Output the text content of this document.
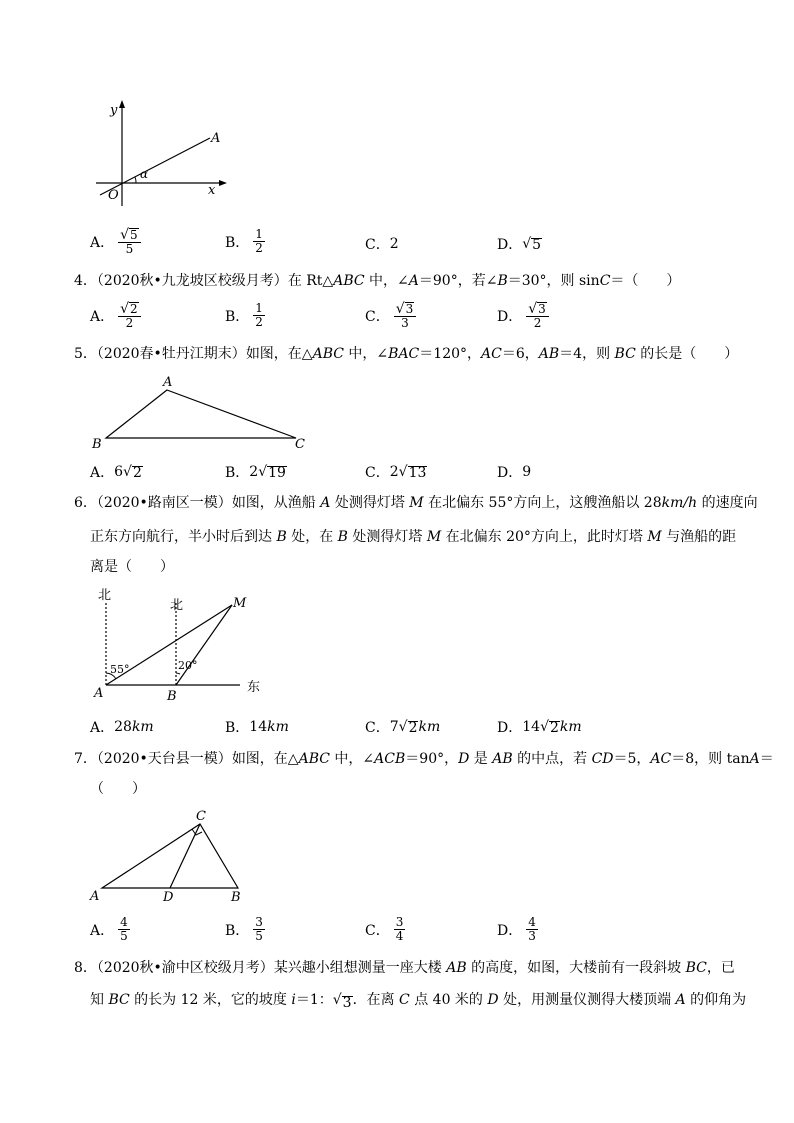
y
x
O
A
α
A． $\frac{√ 5}{5}$	B． $\frac{1}{2}$	C． 2	D． √ 5
4．（2020秋•九龙坡区校级月考）在 Rt△ABC 中，∠A＝90°，若∠B＝30°，则 sinC＝（　　）
A． $\frac{√ 2}{2}$	B． $\frac{1}{2}$	C． $\frac{√ 3}{3}$	D． $\frac{√ 3}{2}$
5．（2020春•牡丹江期末）如图，在△ABC 中，∠BAC＝120°，AC＝6，AB＝4，则 BC 的长是（　　）
A
B	C
A． 6 √ 2	B． 2 √ 19	C． 2 √ 13	D． 9
6．（2020•路南区一模）如图，从渔船 A 处测得灯塔 M 在北偏东 55°方向上，这艘渔船以 28km/h 的速度向
正东方向航行，半小时后到达 B 处，在 B 处测得灯塔 M 在北偏东 20°方向上，此时灯塔 M 与渔船的距
离是（　　）
北
北
东
55°	20°
A	B
M
A． 28 km	B． 14 km	C． 7 √ 2 km	D． 14 √ 2 km
7．（2020•天台县一模）如图，在△ABC 中，∠ACB＝90°，D 是 AB 的中点，若 CD＝5，AC＝8，则 tanA＝
（　　）
A	B
C
D
A． $\frac{4}{5}$	B． $\frac{3}{5}$	C． $\frac{3}{4}$	D． $\frac{4}{3}$
8．（2020秋•渝中区校级月考）某兴趣小组想测量一座大楼 AB 的高度，如图，大楼前有一段斜坡 BC，已
知 BC 的长为 12 米，它的坡度 i＝1： √ 3 ．在离 C 点 40 米的 D 处，用测量仪测得大楼顶端 A 的仰角为
